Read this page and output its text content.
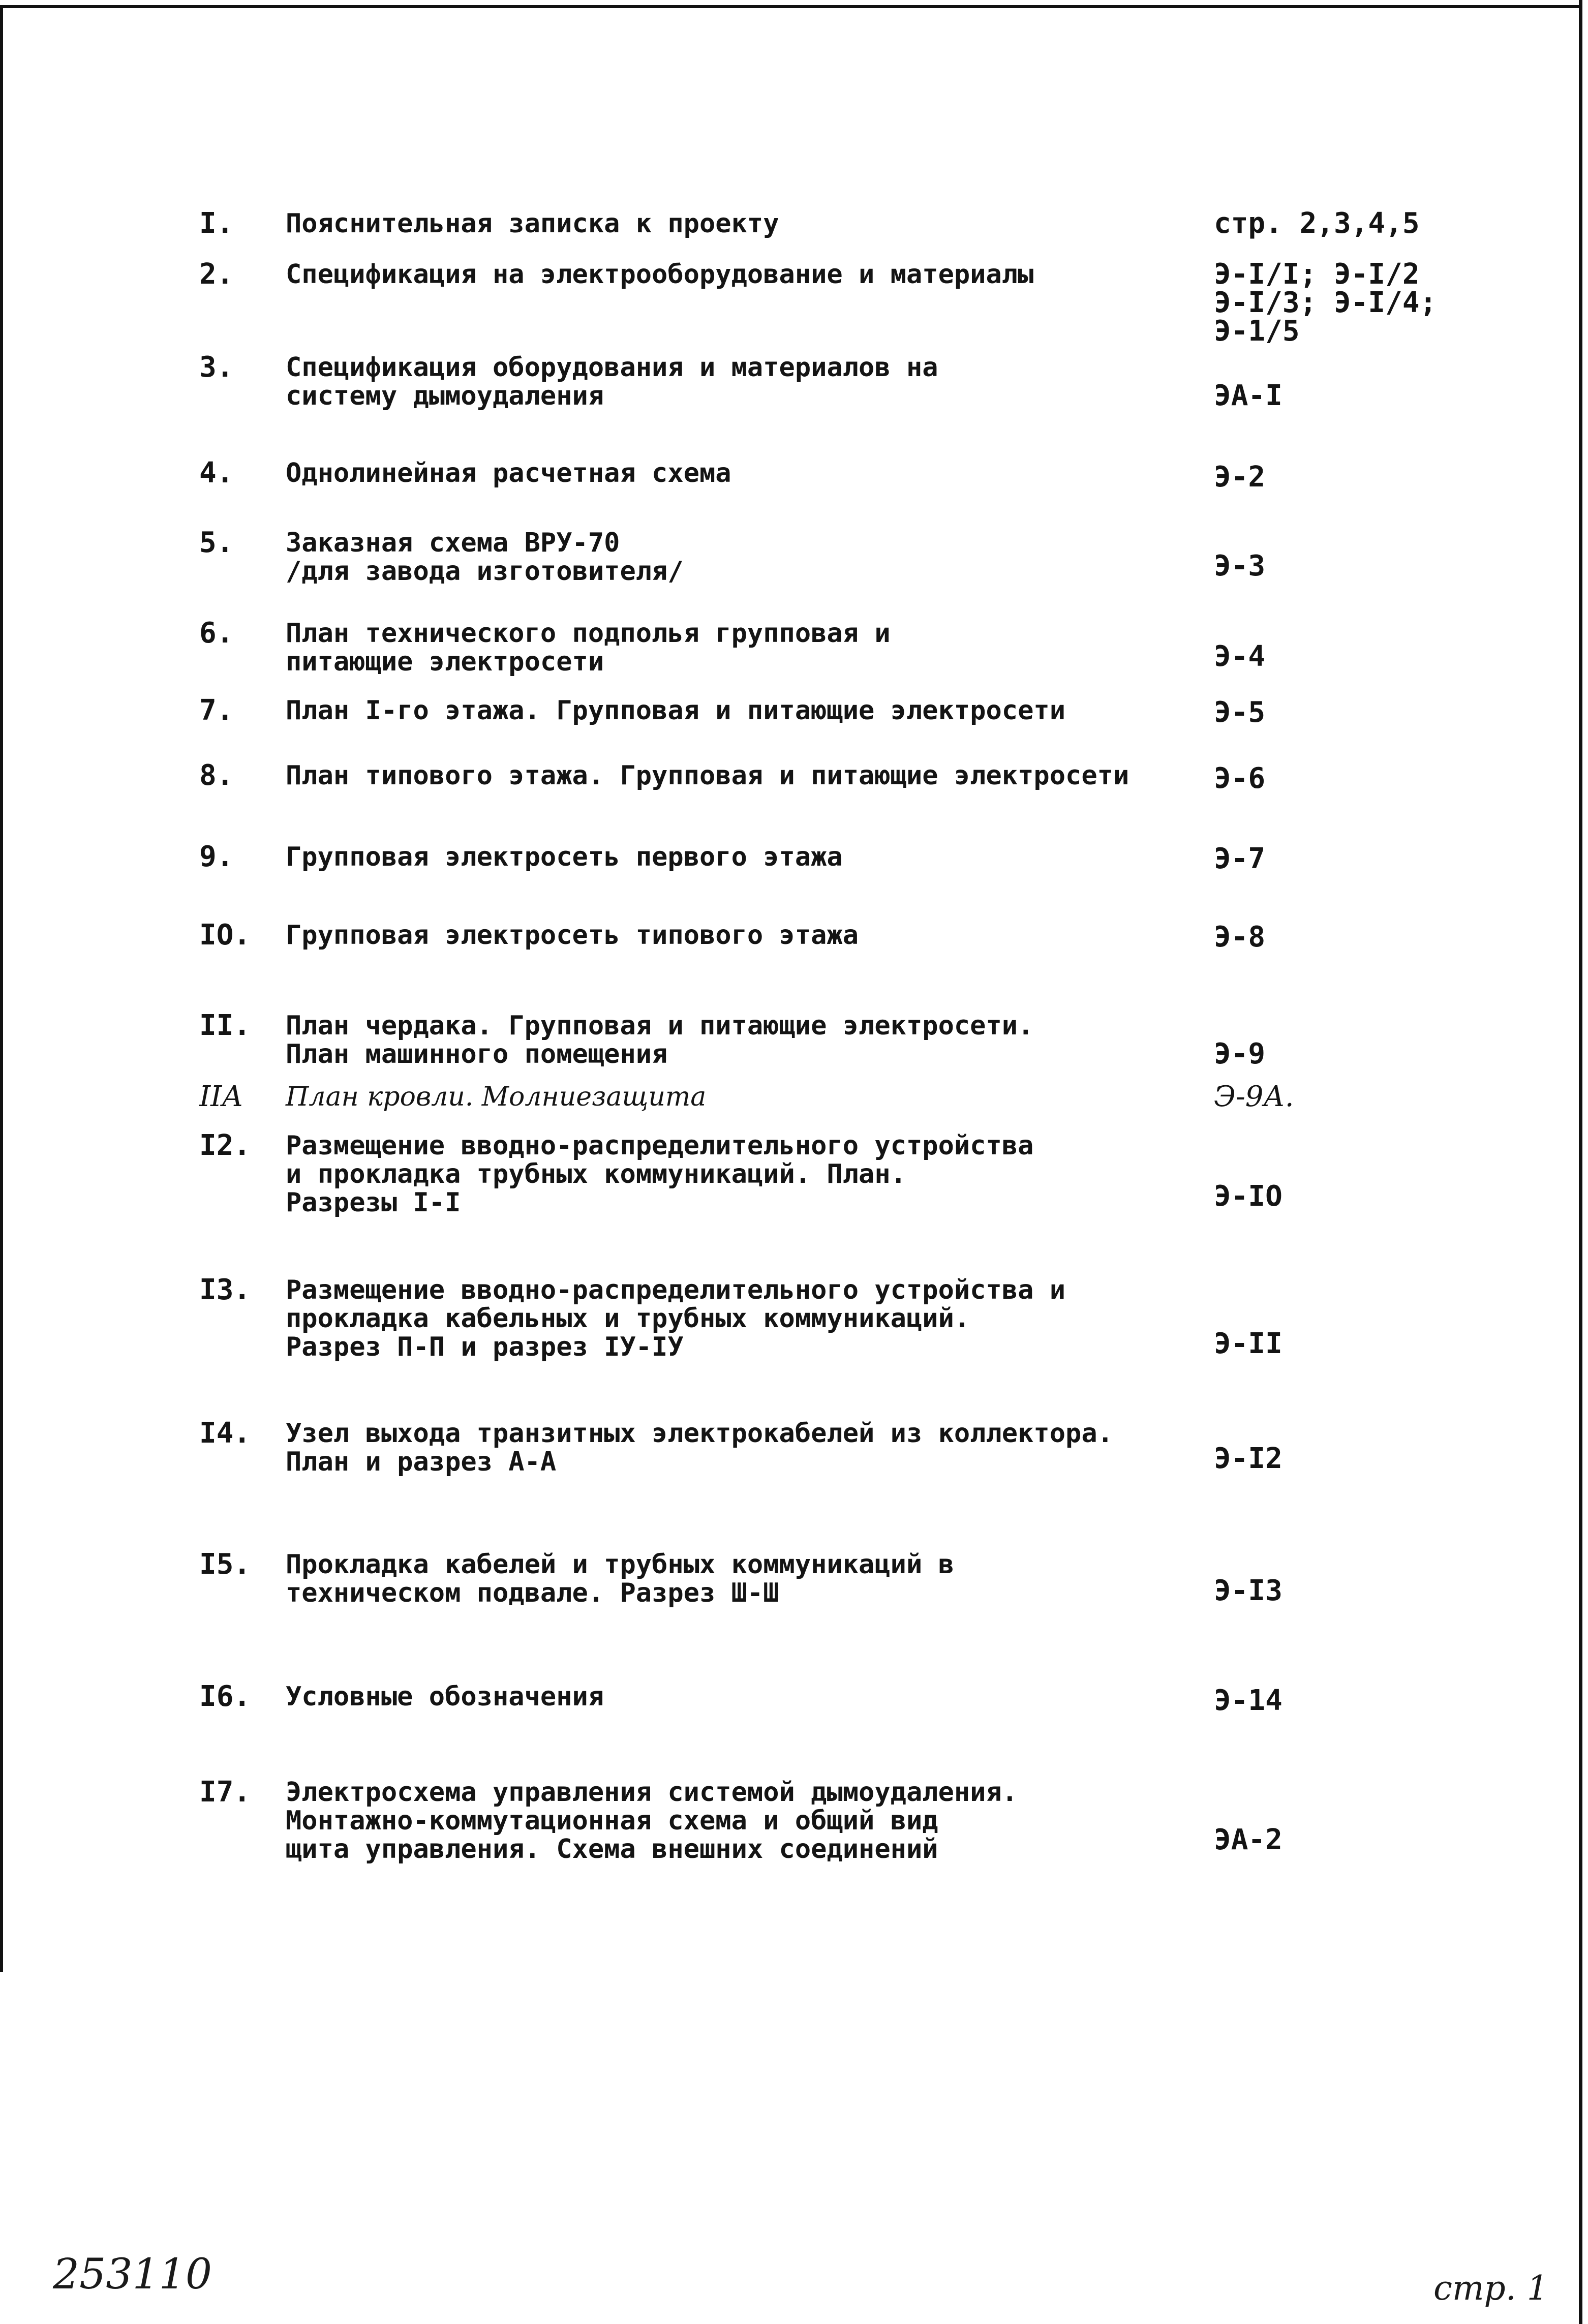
I.	Пояснительная записка к проекту	стр. 2,3,4,5
2.	Спецификация на электрооборудование и материалы	Э-I/I; Э-I/2
Э-I/3; Э-I/4; Э-1/5
3.	Спецификация оборудования и материалов на
систему дымоудаления	ЭА-I
4.	Однолинейная расчетная схема	Э-2
5.	Заказная схема ВРУ-70
/для завода изготовителя/	Э-3
6.	План технического подполья групповая и
питающие электросети	Э-4
7.	План I-го этажа. Групповая и питающие электросети	Э-5
8.	План типового этажа. Групповая и питающие электросети	Э-6
9.	Групповая электросеть первого этажа	Э-7
IO.	Групповая электросеть типового этажа	Э-8
II.	План чердака. Групповая и питающие электросети.
План машинного помещения	Э-9
IIА	План кровли. Молниезащита	Э-9А.
I2.	Размещение вводно-распределительного устройства
и прокладка трубных коммуникаций. План.
Разрезы I-I	Э-IO
I3.	Размещение вводно-распределительного устройства и
прокладка кабельных и трубных коммуникаций.
Разрез П-П и разрез IУ-IУ	Э-II
I4.	Узел выхода транзитных электрокабелей из коллектора.
План и разрез А-А	Э-I2
I5.	Прокладка кабелей и трубных коммуникаций в
техническом подвале. Разрез Ш-Ш	Э-I3
I6.	Условные обозначения	Э-14
I7.	Электросхема управления системой дымоудаления.
Монтажно-коммутационная схема и общий вид
щита управления. Схема внешних соединений	ЭА-2
253110	стр. 1
